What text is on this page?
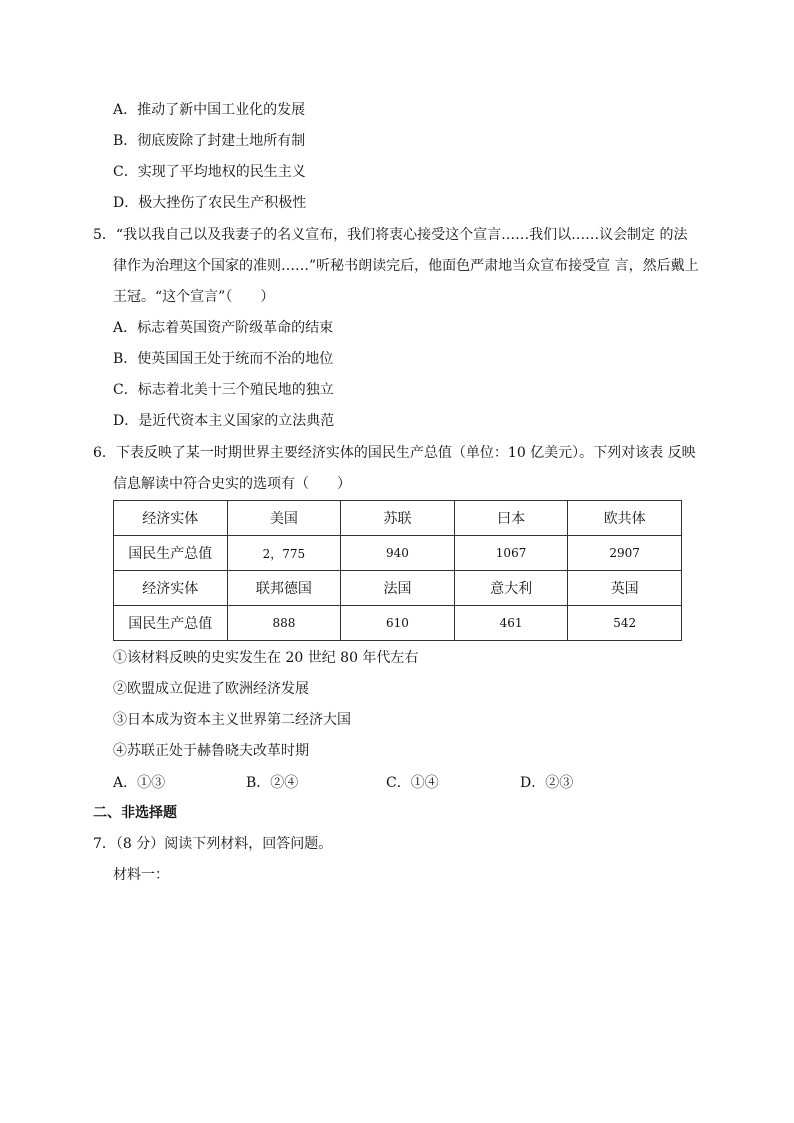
A．推动了新中国工业化的发展
B．彻底废除了封建土地所有制
C．实现了平均地权的民生主义
D．极大挫伤了农民生产积极性
5．“我以我自己以及我妻子的名义宣布，我们将衷心接受这个宣言……我们以……议会制定 的法
律作为治理这个国家的准则……”听秘书朗读完后，他面色严肃地当众宣布接受宣 言，然后戴上
王冠。“这个宣言”（　　）
A．标志着英国资产阶级革命的结束
B．使英国国王处于统而不治的地位
C．标志着北美十三个殖民地的独立
D．是近代资本主义国家的立法典范
6．下表反映了某一时期世界主要经济实体的国民生产总值（单位：10 亿美元）。下列对该表 反映
信息解读中符合史实的选项有（　　）
经济实体	美国	苏联	曰本	欧共体
国民生产总值	2，775	940	1067	2907
经济实体	联邦德国	法国	意大利	英国
国民生产总值	888	610	461	542
①该材料反映的史实发生在 20 世纪 80 年代左右
②欧盟成立促进了欧洲经济发展
③日本成为资本主义世界第二经济大国
④苏联正处于赫鲁晓夫改革时期
A．①③	B．②④	C．①④	D．②③
二、非选择题
7．（8 分）阅读下列材料，回答问题。
材料一：
